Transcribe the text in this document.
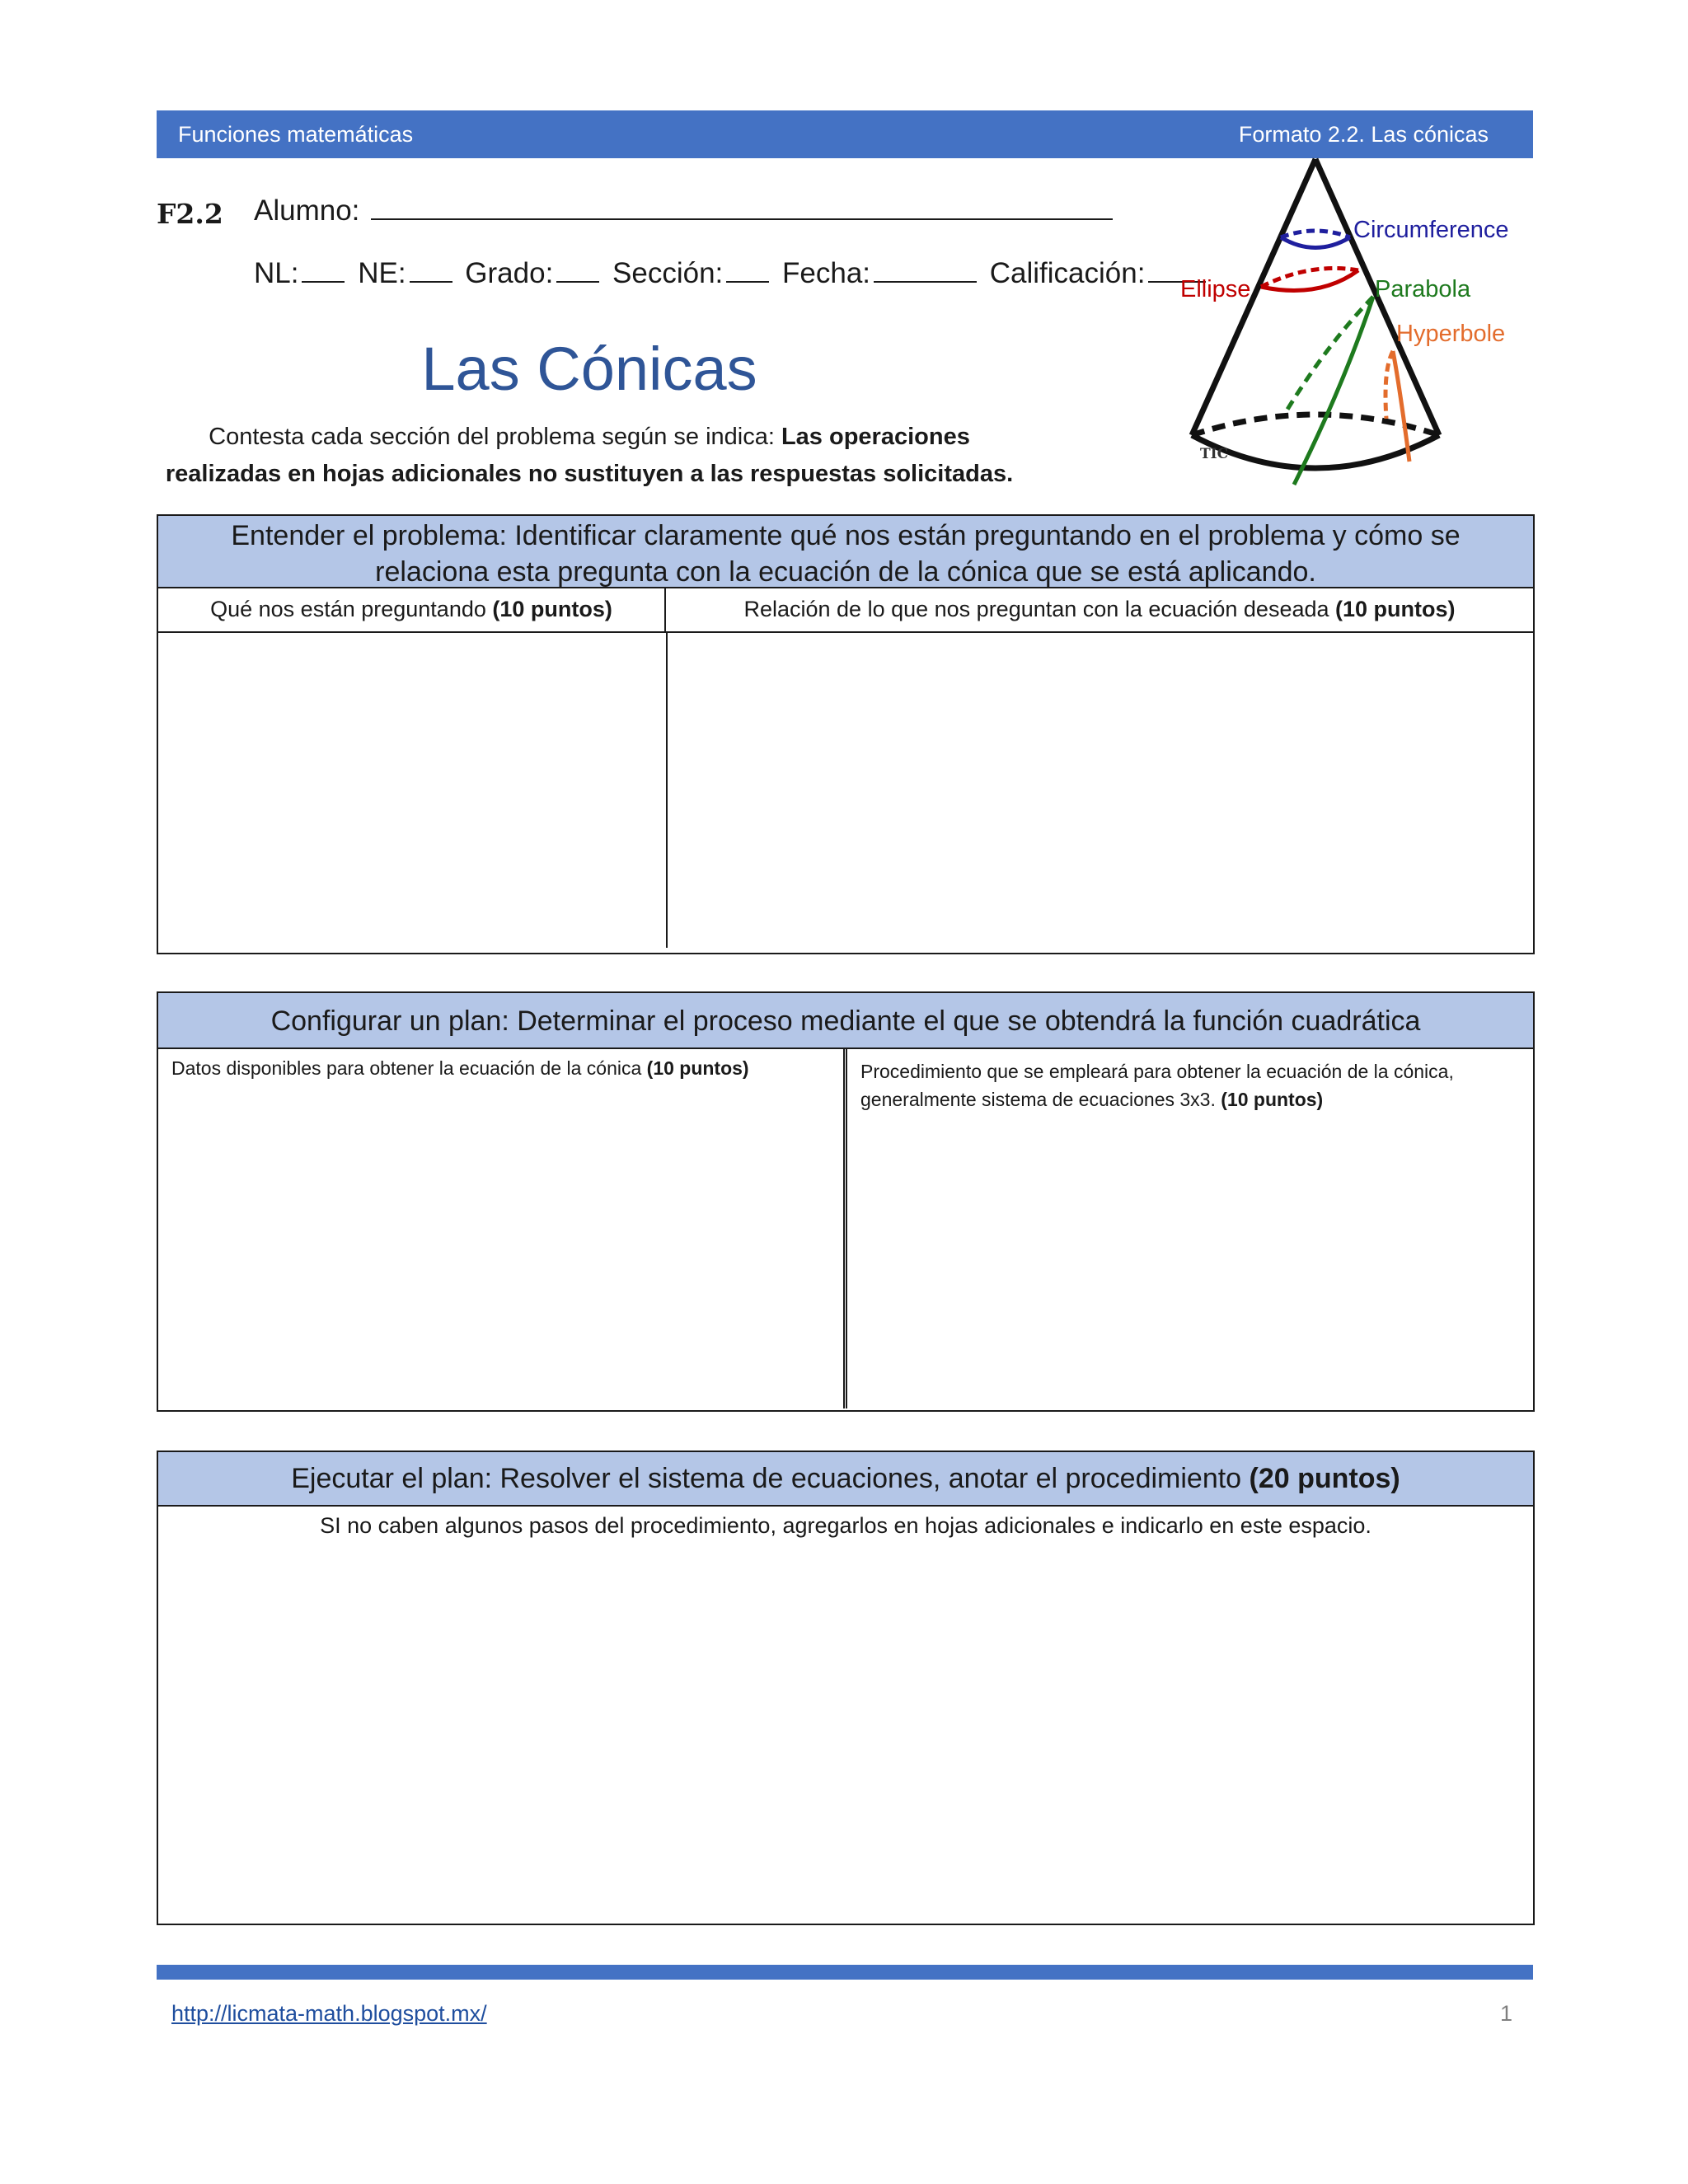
Funciones matemáticas	Formato 2.2. Las cónicas
F2.2 Alumno:
NL: NE: Grado: Sección: Fecha:	Calificación:
Las Cónicas
Contesta cada sección del problema según se indica: Las operaciones
realizadas en hojas adicionales no sustituyen a las respuestas solicitadas.
Circumference
Ellipse	Parabola
Hyperbole
TIC
Entender el problema: Identificar claramente qué nos están preguntando en el problema y cómo se
relaciona esta pregunta con la ecuación de la cónica que se está aplicando.
Qué nos están preguntando (10 puntos)	Relación de lo que nos preguntan con la ecuación deseada (10 puntos)
Configurar un plan: Determinar el proceso mediante el que se obtendrá la función cuadrática
Datos disponibles para obtener la ecuación de la cónica (10 puntos)	Procedimiento que se empleará para obtener la ecuación de la cónica, generalmente sistema de ecuaciones 3x3. (10 puntos)
Ejecutar el plan: Resolver el sistema de ecuaciones, anotar el procedimiento (20 puntos)
SI no caben algunos pasos del procedimiento, agregarlos en hojas adicionales e indicarlo en este espacio.
http://licmata-math.blogspot.mx/	1
